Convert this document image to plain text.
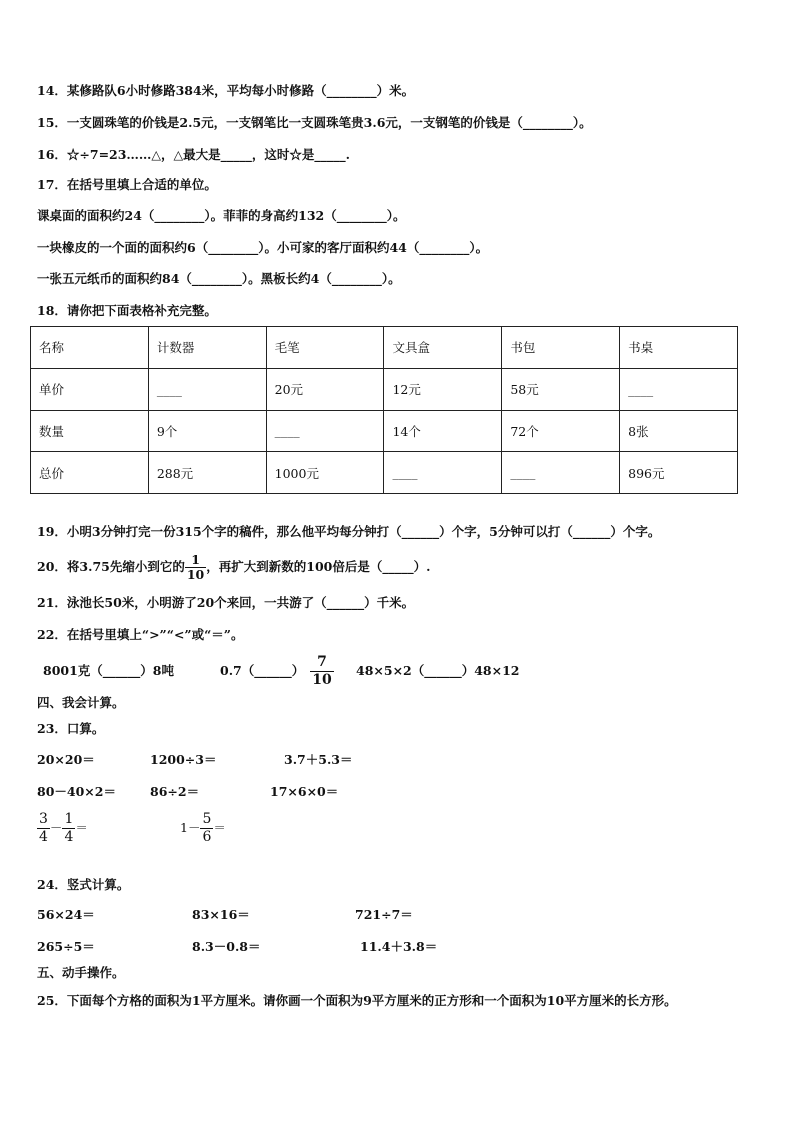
14．某修路队6小时修路384米，平均每小时修路（________）米。
15．一支圆珠笔的价钱是2.5元，一支钢笔比一支圆珠笔贵3.6元，一支钢笔的价钱是（________）。
16．☆÷7=23……△，△最大是_____，这时☆是_____.
17．在括号里填上合适的单位。
课桌面的面积约24（________）。菲菲的身高约132（________）。
一块橡皮的一个面的面积约6（________）。小可家的客厅面积约44（________）。
一张五元纸币的面积约84（________）。黑板长约4（________）。
18．请你把下面表格补充完整。
名称	计数器	毛笔	文具盒	书包	书桌
单价	____	20元	12元	58元	____
数量	9个	____	14个	72个	8张
总价	288元	1000元	____	____	896元
19．小明3分钟打完一份315个字的稿件，那么他平均每分钟打（______）个字，5分钟可以打（______）个字。
20．将3.75先缩小到它的 $\frac{1}{10}$ ，再扩大到新数的100倍后是（_____）.
21．泳池长50米，小明游了20个来回，一共游了（______）千米。
22．在括号里填上“>”“<”或“＝”。
8001克（______）8吨	0.7（______） $\frac{7}{10}$ 48×5×2（______）48×12
四、我会计算。
23．口算。
20×20＝	1200÷3＝	3.7＋5.3＝
80－40×2＝	86÷2＝	17×6×0＝
$\frac{3}{4} - \frac{1}{4}$ ＝	$1- \frac{5}{6}$ ＝
24．竖式计算。
56×24＝	83×16＝	721÷7＝
265÷5＝	8.3－0.8＝	11.4＋3.8＝
五、动手操作。
25．下面每个方格的面积为1平方厘米。请你画一个面积为9平方厘米的正方形和一个面积为10平方厘米的长方形。
